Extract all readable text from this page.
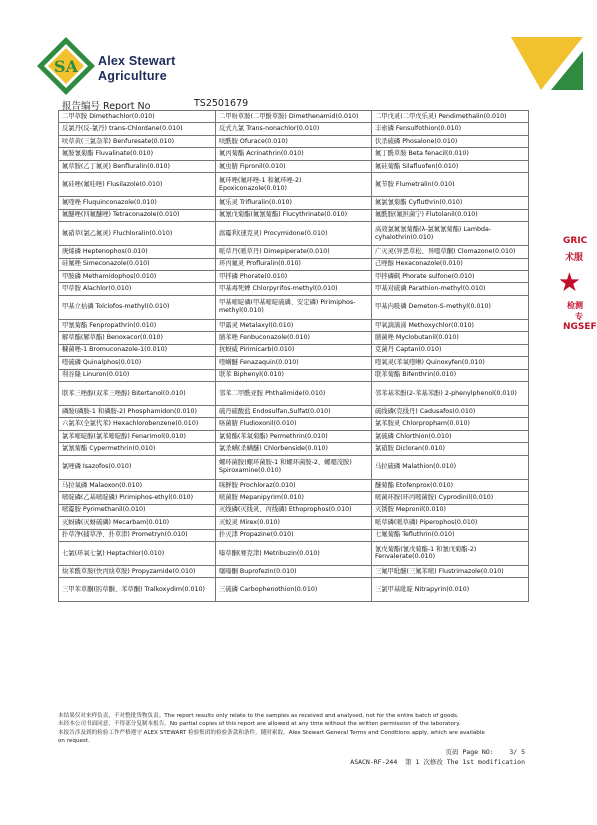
SA Alex Stewart
Agriculture
报告编号 Report No	TS2501679
GRIC
术服
★
检测专
NGSEF
二甲草胺 Dimethachlor(0.010)	二甲吩草胺(二甲酚草胺) Dimethenamid(0.010)	二甲戊灵(二甲戊乐灵) Pendimethalin(0.010)
反氯丹(反-氯丹) trans-Chlordane(0.010)	反式九氯 Trans-nonachlor(0.010)	丰索磷 Fensulfothion(0.010)
呋草黄(三氯杂苯) Benfuresate(0.010)	呋酰胺 Ofurace(0.010)	伏杀硫磷 Phosalone(0.010)
氟胺氰菊酯 Fluvalinate(0.010)	氟丙菊酯 Acrinathrin(0.010)	氟丁酰草胺 Beta fenacil(0.010)
氟草胺(乙丁氟灵) Benfluralin(0.010)	氟虫腈 Fipronil(0.010)	氟硅菊酯 Silafluofen(0.010)
氟硅唑(氟哇唑) Flusilazole(0.010)	氟环唑(氟环唑-1 和氟环唑-2) Epoxiconazole(0.010)	氟节胺 Flumetralin(0.010)
氟喹唑 Fluquinconazole(0.010)	氟乐灵 Trifluralin(0.010)	氟氯氰菊酯 Cyfluthrin(0.010)
氟醚唑(四氟醚唑) Tetraconazole(0.010)	氟氰戊菊酯(氟氰菊酯) Flucythrinate(0.010)	氟酰胺(氟担菌宁) Flutolanil(0.010)
氟硝草(氯乙氟灵) Fluchloralin(0.010)	腐霉利(速克灵) Procymidone(0.010)	高效氯氟氰菊酯(λ-氯氟氰菊酯) Lambda-cyhalothrin(0.010)
庚烯磷 Heptenophos(0.010)	哌草丹(哌草丹) Dimepiperate(0.010)	广灭灵(异恶草松、异噁草酮) Clomazone(0.010)
硅氟唑 Simeconazole(0.010)	环丙氟灵 Profluralin(0.010)	己唑醇 Hexaconazole(0.010)
甲胺磷 Methamidophos(0.010)	甲拌磷 Phorate(0.010)	甲拌磷砜 Phorate sulfone(0.010)
甲草胺 Alachlor(0.010)	甲基毒死蜱 Chlorpyrifos-methyl(0.010)	甲基对硫磷 Parathion-methyl(0.010)
甲基立枯磷 Tolclofos-methyl(0.010)	甲基嘧啶磷(甲基嘧啶硫磷、安定磷) Pirimiphos-methyl(0.010)	甲基内吸磷 Demeton-S-methyl(0.010)
甲氰菊酯 Fenpropathrin(0.010)	甲霜灵 Metalaxyl(0.010)	甲氧滴滴涕 Methoxychlor(0.010)
解草酯(解草酯) Benoxacor(0.010)	腈苯唑 Fenbuconazole(0.010)	腈菌唑 Myclobutanil(0.010)
糠菌唑-1 Bromuconazole-1(0.010)	抗蚜威 Pirimicarb(0.010)	克菌丹 Captan(0.010)
喹硫磷 Quinalphos(0.010)	喹螨醚 Fenazaquin(0.010)	喹氧灵(苯氧喹啉) Quinoxyfen(0.010)
利谷隆 Linuron(0.010)	联苯 Biphenyl(0.010)	联苯菊酯 Bifenthrin(0.010)
联苯三唑醇(双苯三唑醇) Bitertanol(0.010)	邻苯二甲酰亚胺 Phthalimide(0.010)	邻苯基苯酚(2-苯基苯酚) 2-phenylphenol(0.010)
磷胺(磷胺-1 和磷胺-2) Phosphamidon(0.010)	硫丹硫酸盐 Endosulfan,Sulfat(0.010)	硫线磷(克线丹) Cadusafos(0.010)
六氯苯(全氯代苯) Hexachlorobenzene(0.010)	咯菌腈 Fludioxonil(0.010)	氯苯胺灵 Chlorpropham(0.010)
氯苯嘧啶醇(氯苯嘧啶醇) Fenarimol(0.010)	氯菊酯(苯氧菊酯) Permethrin(0.010)	氯硫磷 Chlorthion(0.010)
氯氰菊酯 Cypermethrin(0.010)	氯杀螨(杀螨醚) Chlorbenside(0.010)	氯硝胺 Dicloran(0.010)
氯唑磷 Isazofos(0.010)	螺环菌胺(螺环菌胺-1 和螺环菌胺-2、螺噁茂胺) Spiroxamine(0.010)	马拉硫磷 Malathion(0.010)
马拉氧磷 Malaoxon(0.010)	咪鲜胺 Prochloraz(0.010)	醚菊酯 Etofenprox(0.010)
嘧啶磷(乙基嘧啶磷) Pirimiphos-ethyl(0.010)	嘧菌胺 Mepanipyrim(0.010)	嘧菌环胺(环丙嘧菌胺) Cyprodinil(0.010)
嘧霉胺 Pyrimethanil(0.010)	灭线磷(灭线灵、丙线磷) Ethoprophos(0.010)	灭锈胺 Mepronil(0.010)
灭蚜磷(灭蚜硫磷) Mecarbam(0.010)	灭蚁灵 Mirex(0.010)	哌草磷(哌草磷) Piperophos(0.010)
扑草净(捕草净、扑草津) Prometryn(0.010)	扑灭津 Propazine(0.010)	七氟菊酯 Tefluthrin(0.010)
七氯(环氧七氯) Heptachlor(0.010)	嗪草酮(赛克津) Metribuzin(0.010)	氰戊菊酯(氰戊菊酯-1 和氰戊菊酯-2) Fenvalerate(0.010)
炔苯酰草胺(快丙炔草胺) Propyzamide(0.010)	噻嗪酮 Buprofezin(0.010)	三氟甲吡醚(三氟苯嘧) Flustrimazole(0.010)
三甲苯草酮(肟草酮、苯草酮) Tralkoxydim(0.010)	三硫磷 Carbophenothion(0.010)	三氯甲基吡啶 Nitrapyrin(0.010)
本结果仅对来样负责，不对整批货物负责。The report results only relate to the samples as received and analysed, not for the entire batch of goods.
未经本公司书面同意，不得部分复制本报告。No partial copies of this report are allowed at any time without the written permission of the laboratory.
本报告涉及到的检验工作严格遵守 ALEX STEWART 检验集团的检验条款和条件，随时索取。Alex Stewart General Terms and Conditions apply, which are available
on request.
页码 Page NO: 3/ 5
ASACN-RF-244 第 1 次修改 The 1st modification
